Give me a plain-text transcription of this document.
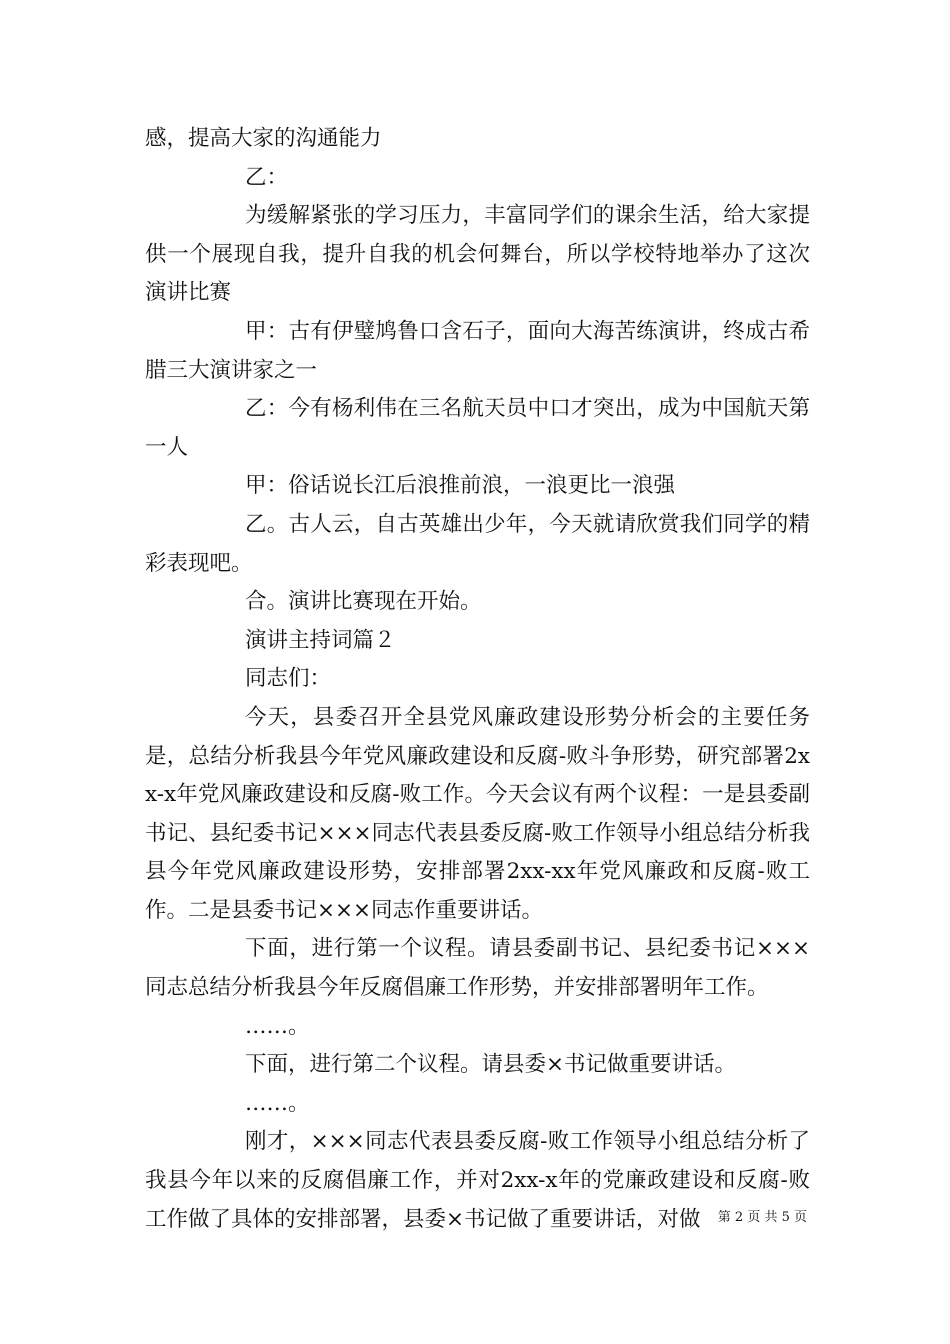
感，提高大家的沟通能力

乙：

为缓解紧张的学习压力，丰富同学们的课余生活，给大家提供一个展现自我，提升自我的机会何舞台，所以学校特地举办了这次演讲比赛

甲：古有伊璧鸠鲁口含石子，面向大海苦练演讲，终成古希腊三大演讲家之一

乙：今有杨利伟在三名航天员中口才突出，成为中国航天第一人

甲：俗话说长江后浪推前浪，一浪更比一浪强

乙。古人云，自古英雄出少年，今天就请欣赏我们同学的精彩表现吧。

合。演讲比赛现在开始。

演讲主持词篇２

同志们：

今天，县委召开全县党风廉政建设形势分析会的主要任务是，总结分析我县今年党风廉政建设和反腐-败斗争形势，研究部署2xx-x年党风廉政建设和反腐-败工作。今天会议有两个议程：一是县委副书记、县纪委书记×××同志代表县委反腐-败工作领导小组总结分析我县今年党风廉政建设形势，安排部署2xx-xx年党风廉政和反腐-败工作。二是县委书记×××同志作重要讲话。

下面，进行第一个议程。请县委副书记、县纪委书记×××同志总结分析我县今年反腐倡廉工作形势，并安排部署明年工作。

……。

下面，进行第二个议程。请县委×书记做重要讲话。

……。

刚才，×××同志代表县委反腐-败工作领导小组总结分析了我县今年以来的反腐倡廉工作，并对2xx-x年的党廉政建设和反腐-败工作做了具体的安排部署，县委×书记做了重要讲话，对做	第 2 页 共 5 页
